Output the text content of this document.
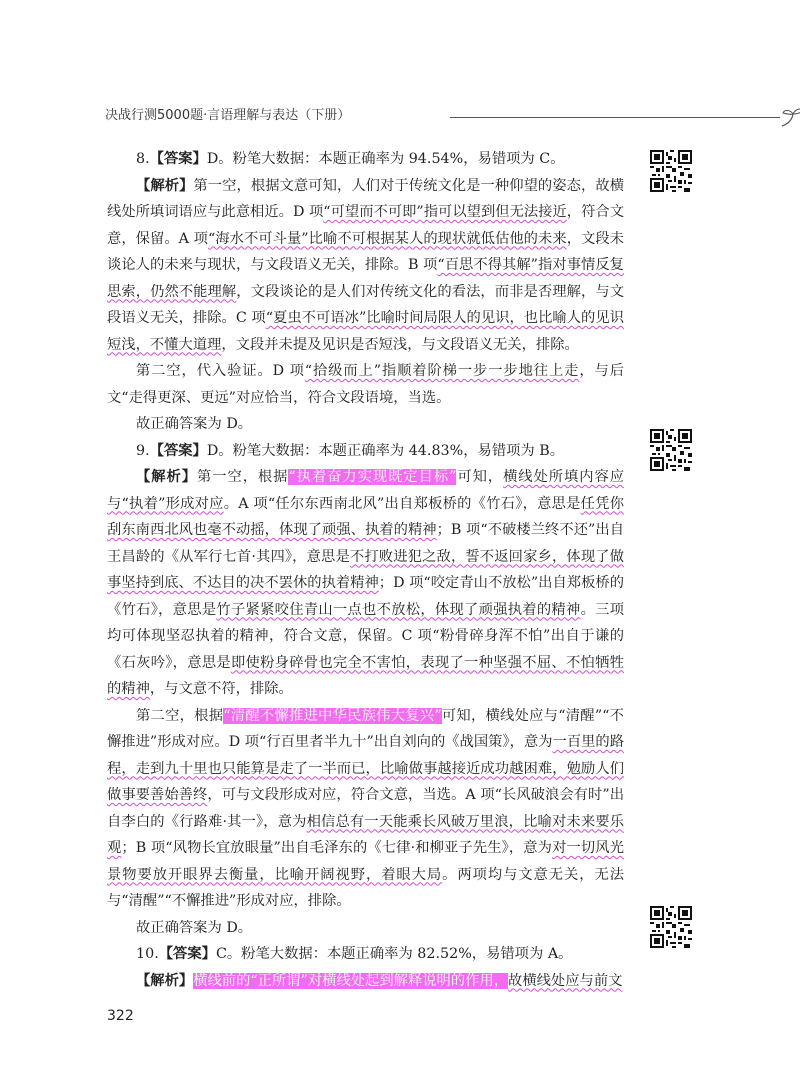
决战行测5000题·言语理解与表达（下册）

8.【答案】D。粉笔大数据：本题正确率为 94.54%，易错项为 C。

【解析】第一空，根据文意可知，人们对于传统文化是一种仰望的姿态，故横线处所填词语应与此意相近。D 项“可望而不可即”指可以望到但无法接近，符合文意，保留。A 项“海水不可斗量”比喻不可根据某人的现状就低估他的未来，文段未谈论人的未来与现状，与文段语义无关，排除。B 项“百思不得其解”指对事情反复思索，仍然不能理解，文段谈论的是人们对传统文化的看法，而非是否理解，与文段语义无关，排除。C 项“夏虫不可语冰”比喻时间局限人的见识，也比喻人的见识短浅，不懂大道理，文段并未提及见识是否短浅，与文段语义无关，排除。

第二空，代入验证。D 项“拾级而上”指顺着阶梯一步一步地往上走，与后文“走得更深、更远”对应恰当，符合文段语境，当选。

故正确答案为 D。

9.【答案】D。粉笔大数据：本题正确率为 44.83%，易错项为 B。

【解析】第一空，根据“执着奋力实现既定目标”可知，横线处所填内容应与“执着”形成对应。A 项“任尔东西南北风”出自郑板桥的《竹石》，意思是任凭你刮东南西北风也毫不动摇，体现了顽强、执着的精神；B 项“不破楼兰终不还”出自王昌龄的《从军行七首·其四》，意思是不打败进犯之敌，誓不返回家乡，体现了做事坚持到底、不达目的决不罢休的执着精神；D 项“咬定青山不放松”出自郑板桥的《竹石》，意思是竹子紧紧咬住青山一点也不放松，体现了顽强执着的精神。三项均可体现坚忍执着的精神，符合文意，保留。C 项“粉骨碎身浑不怕”出自于谦的《石灰吟》，意思是即使粉身碎骨也完全不害怕，表现了一种坚强不屈、不怕牺牲的精神，与文意不符，排除。

第二空，根据“清醒不懈推进中华民族伟大复兴”可知，横线处应与“清醒”“不懈推进”形成对应。D 项“行百里者半九十”出自刘向的《战国策》，意为一百里的路程，走到九十里也只能算是走了一半而已，比喻做事越接近成功越困难，勉励人们做事要善始善终，可与文段形成对应，符合文意，当选。A 项“长风破浪会有时”出自李白的《行路难·其一》，意为相信总有一天能乘长风破万里浪，比喻对未来要乐观；B 项“风物长宜放眼量”出自毛泽东的《七律·和柳亚子先生》，意为对一切风光景物要放开眼界去衡量，比喻开阔视野，着眼大局。两项均与文意无关，无法与“清醒”“不懈推进”形成对应，排除。

故正确答案为 D。

10.【答案】C。粉笔大数据：本题正确率为 82.52%，易错项为 A。

【解析】横线前的“正所谓”对横线处起到解释说明的作用，故横线处应与前文

322
